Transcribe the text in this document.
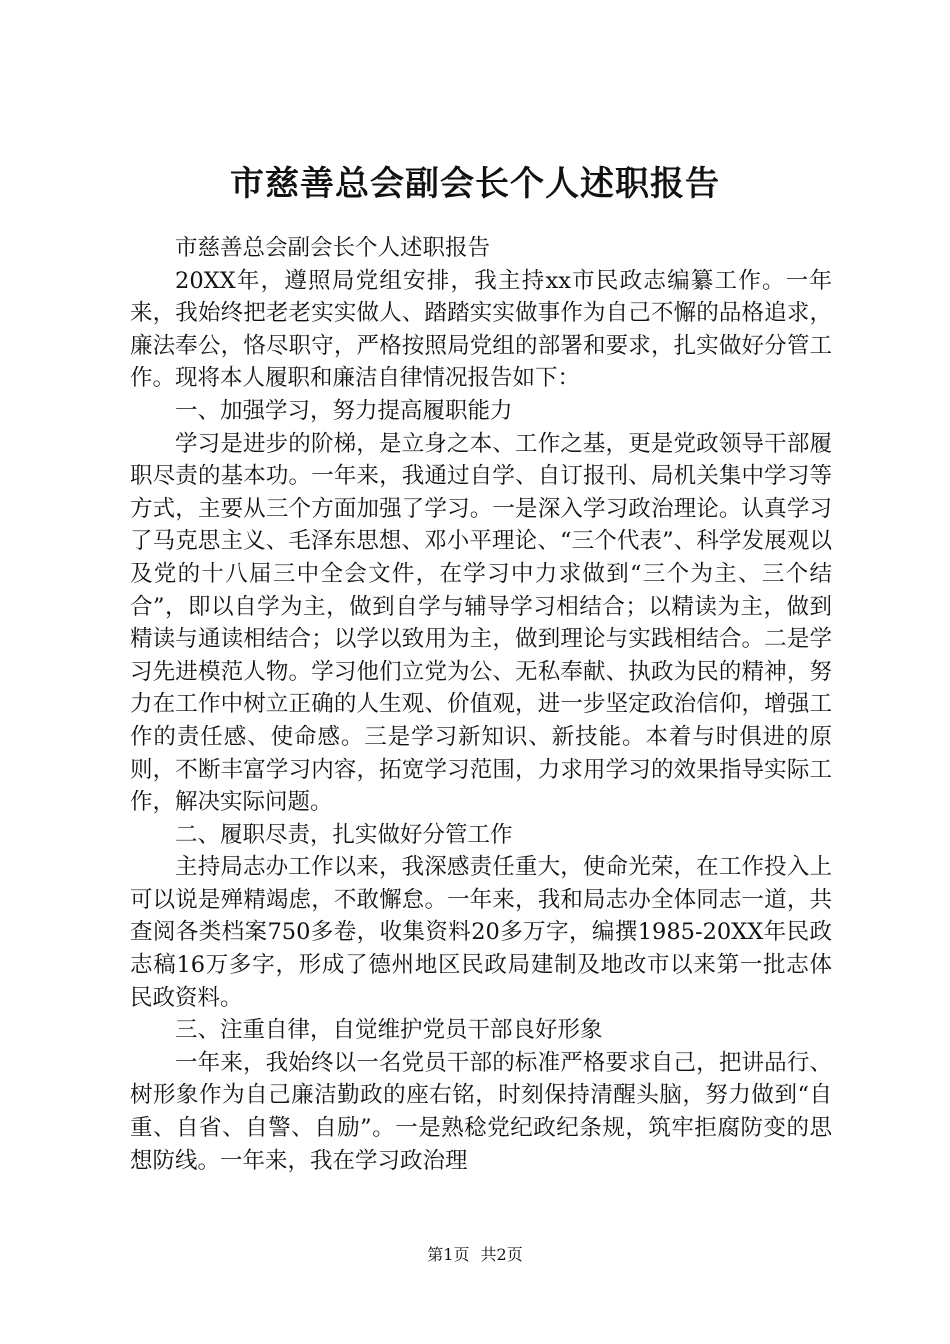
市慈善总会副会长个人述职报告

市慈善总会副会长个人述职报告

20XX年，遵照局党组安排，我主持xx市民政志编纂工作。一年来，我始终把老老实实做人、踏踏实实做事作为自己不懈的品格追求，廉法奉公，恪尽职守，严格按照局党组的部署和要求，扎实做好分管工作。现将本人履职和廉洁自律情况报告如下：

一、加强学习，努力提高履职能力

学习是进步的阶梯，是立身之本、工作之基，更是党政领导干部履职尽责的基本功。一年来，我通过自学、自订报刊、局机关集中学习等方式，主要从三个方面加强了学习。一是深入学习政治理论。认真学习了马克思主义、毛泽东思想、邓小平理论、“三个代表”、科学发展观以及党的十八届三中全会文件，在学习中力求做到“三个为主、三个结合”，即以自学为主，做到自学与辅导学习相结合；以精读为主，做到精读与通读相结合；以学以致用为主，做到理论与实践相结合。二是学习先进模范人物。学习他们立党为公、无私奉献、执政为民的精神，努力在工作中树立正确的人生观、价值观，进一步坚定政治信仰，增强工作的责任感、使命感。三是学习新知识、新技能。本着与时俱进的原则，不断丰富学习内容，拓宽学习范围，力求用学习的效果指导实际工作，解决实际问题。

二、履职尽责，扎实做好分管工作

主持局志办工作以来，我深感责任重大，使命光荣，在工作投入上可以说是殚精竭虑，不敢懈怠。一年来，我和局志办全体同志一道，共查阅各类档案750多卷，收集资料20多万字，编撰1985-20XX年民政志稿16万多字，形成了德州地区民政局建制及地改市以来第一批志体民政资料。

三、注重自律，自觉维护党员干部良好形象

一年来，我始终以一名党员干部的标准严格要求自己，把讲品行、树形象作为自己廉洁勤政的座右铭，时刻保持清醒头脑，努力做到“自重、自省、自警、自励”。一是熟稔党纪政纪条规，筑牢拒腐防变的思想防线。一年来，我在学习政治理

第1页 共2页
